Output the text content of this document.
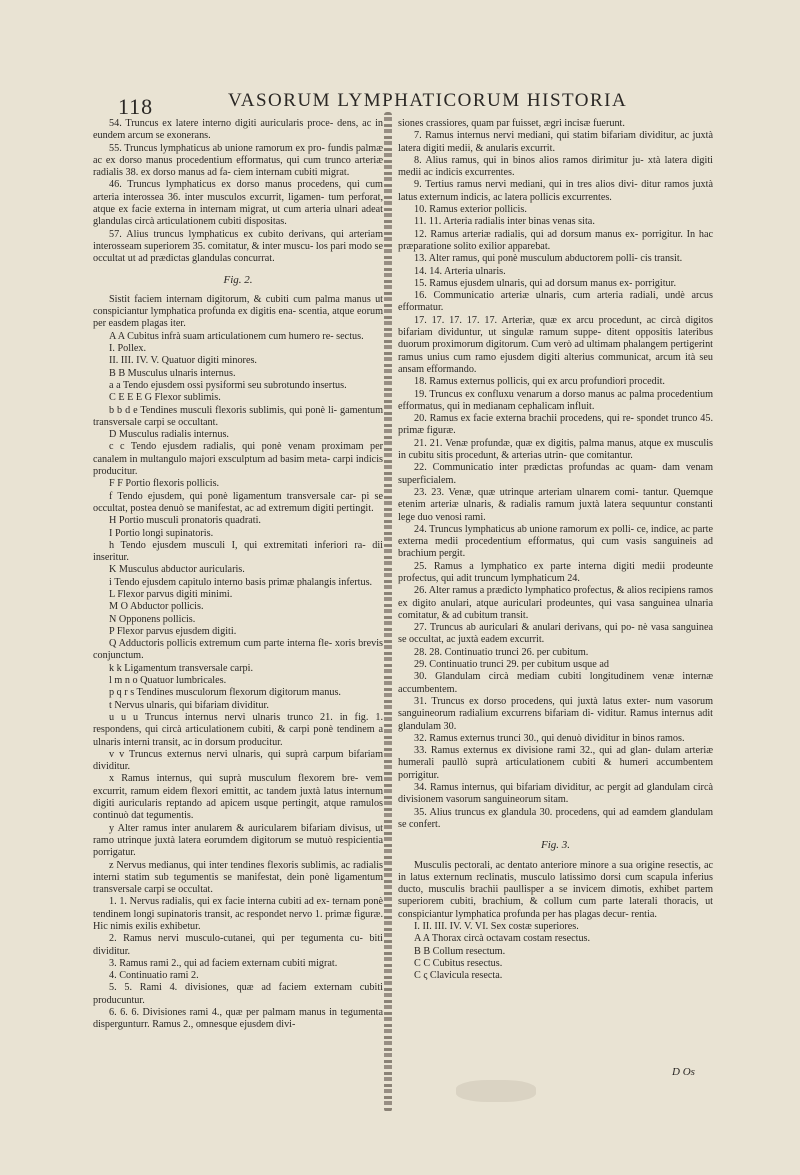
118	VASORUM LYMPHATICORUM HISTORIA

54. Truncus ex latere interno digiti auricularis proce- dens, ac in eundem arcum se exonerans.

55. Truncus lymphaticus ab unione ramorum ex pro- fundis palmæ ac ex dorso manus procedentium efformatus, qui cum trunco arteriæ radialis 38. ex dorso manus ad fa- ciem internam cubiti migrat.

46. Truncus lymphaticus ex dorso manus procedens, qui cum arteria interossea 36. inter musculos excurrit, ligamen- tum perforat, atque ex facie externa in internam migrat, ut cum arteria ulnari adeat glandulas circà articulationem cubiti dispositas.

57. Alius truncus lymphaticus ex cubito derivans, qui arteriam interosseam superiorem 35. comitatur, & inter muscu- los pari modo se occultat ut ad prædictas glandulas concurrat.

Fig. 2.

Sistit faciem internam digitorum, & cubiti cum palma manus ut conspiciantur lymphatica profunda ex digitis ena- scentia, atque eorum per easdem plagas iter.

A A Cubitus infrà suam articulationem cum humero re- sectus.

I. Pollex.

II. III. IV. V. Quatuor digiti minores.

B B Musculus ulnaris internus.

a a Tendo ejusdem ossi pysiformi seu subrotundo insertus.

C E E E G Flexor sublimis.

b b d e Tendines musculi flexoris sublimis, qui ponè li- gamentum transversale carpi se occultant.

D Musculus radialis internus.

c c Tendo ejusdem radialis, qui ponè venam proximam per canalem in multangulo majori exsculptum ad basim meta- carpi indicis producitur.

F F Portio flexoris pollicis.

f Tendo ejusdem, qui ponè ligamentum transversale car- pi se occultat, postea denuò se manifestat, ac ad extremum digiti pertingit.

H Portio musculi pronatoris quadrati.

I Portio longi supinatoris.

h Tendo ejusdem musculi I, qui extremitati inferiori ra- dii inseritur.

K Musculus abductor auricularis.

i Tendo ejusdem capitulo interno basis primæ phalangis infertus.

L Flexor parvus digiti minimi.

M O Abductor pollicis.

N Opponens pollicis.

P Flexor parvus ejusdem digiti.

Q Adductoris pollicis extremum cum parte interna fle- xoris brevis conjunctum.

k k Ligamentum transversale carpi.

l m n o Quatuor lumbricales.

p q r s Tendines musculorum flexorum digitorum manus.

t Nervus ulnaris, qui bifariam dividitur.

u u u Truncus internus nervi ulnaris trunco 21. in fig. 1. respondens, qui circà articulationem cubiti, & carpi ponè tendinem a ulnaris interni transit, ac in dorsum producitur.

v v Truncus externus nervi ulnaris, qui suprà carpum bifariam dividitur.

x Ramus internus, qui suprà musculum flexorem bre- vem excurrit, ramum eidem flexori emittit, ac tandem juxtà latus internum digiti auricularis reptando ad apicem usque pertingit, atque ramulos continuò dat tegumentis.

y Alter ramus inter anularem & auricularem bifariam divisus, ut ramo utrinque juxtà latera eorumdem digitorum se mutuò respicientia porrigatur.

z Nervus medianus, qui inter tendines flexoris sublimis, ac radialis interni statim sub tegumentis se manifestat, dein ponè ligamentum transversale carpi se occultat.

1. 1. Nervus radialis, qui ex facie interna cubiti ad ex- ternam ponè tendinem longi supinatoris transit, ac respondet nervo 1. primæ figuræ. Hic nimis exilis exhibetur.

2. Ramus nervi musculo-cutanei, qui per tegumenta cu- biti dividitur.

3. Ramus rami 2., qui ad faciem externam cubiti migrat.

4. Continuatio rami 2.

5. 5. Rami 4. divisiones, quæ ad faciem externam cubiti producuntur.

6. 6. 6. Divisiones rami 4., quæ per palmam manus in tegumenta dispergunturr. Ramus 2., omnesque ejusdem divi-

siones crassiores, quam par fuisset, ægri incisæ fuerunt.

7. Ramus internus nervi mediani, qui statim bifariam dividitur, ac juxtà latera digiti medii, & anularis excurrit.

8. Alius ramus, qui in binos alios ramos dirimitur ju- xtà latera digiti medii ac indicis excurrentes.

9. Tertius ramus nervi mediani, qui in tres alios divi- ditur ramos juxtà latus externum indicis, ac latera pollicis excurrentes.

10. Ramus exterior pollicis.

11. 11. Arteria radialis inter binas venas sita.

12. Ramus arteriæ radialis, qui ad dorsum manus ex- porrigitur. In hac præparatione solito exilior apparebat.

13. Alter ramus, qui ponè musculum abductorem polli- cis transit.

14. 14. Arteria ulnaris.

15. Ramus ejusdem ulnaris, qui ad dorsum manus ex- porrigitur.

16. Communicatio arteriæ ulnaris, cum arteria radiali, undè arcus efformatur.

17. 17. 17. 17. 17. Arteriæ, quæ ex arcu procedunt, ac circà digitos bifariam dividuntur, ut singulæ ramum suppe- ditent oppositis lateribus duorum proximorum digitorum. Cum verò ad ultimam phalangem pertigerint ramus unius cum ramo ejusdem digiti alterius communicat, arcum ità seu ansam efformando.

18. Ramus externus pollicis, qui ex arcu profundiori procedit.

19. Truncus ex confluxu venarum a dorso manus ac palma procedentium efformatus, qui in medianam cephalicam influit.

20. Ramus ex facie externa brachii procedens, qui re- spondet trunco 45. primæ figuræ.

21. 21. Venæ profundæ, quæ ex digitis, palma manus, atque ex musculis in cubitu sitis procedunt, & arterias utrin- que comitantur.

22. Communicatio inter prædictas profundas ac quam- dam venam superficialem.

23. 23. Venæ, quæ utrinque arteriam ulnarem comi- tantur. Quemque etenim arteriæ ulnaris, & radialis ramum juxtà latera sequuntur constanti lege duo venosi rami.

24. Truncus lymphaticus ab unione ramorum ex polli- ce, indice, ac parte externa medii procedentium efformatus, qui cum vasis sanguineis ad brachium pergit.

25. Ramus a lymphatico ex parte interna digiti medii prodeunte profectus, qui adit truncum lymphaticum 24.

26. Alter ramus a prædicto lymphatico profectus, & alios recipiens ramos ex digito anulari, atque auriculari prodeuntes, qui vasa sanguinea ulnaria comitatur, & ad cubitum transit.

27. Truncus ab auriculari & anulari derivans, qui po- nè vasa sanguinea se occultat, ac juxtà eadem excurrit.

28. 28. Continuatio trunci 26. per cubitum.

29. Continuatio trunci 29. per cubitum usque ad

30. Glandulam circà mediam cubiti longitudinem venæ internæ accumbentem.

31. Truncus ex dorso procedens, qui juxtà latus exter- num vasorum sanguineorum radialium excurrens bifariam di- viditur. Ramus internus adit glandulam 30.

32. Ramus externus trunci 30., qui denuò dividitur in binos ramos.

33. Ramus externus ex divisione rami 32., qui ad glan- dulam arteriæ humerali paullò suprà articulationem cubiti & humeri accumbentem porrigitur.

34. Ramus internus, qui bifariam dividitur, ac pergit ad glandulam circà divisionem vasorum sanguineorum sitam.

35. Alius truncus ex glandula 30. procedens, qui ad eamdem glandulam se confert.

Fig. 3.

Musculis pectorali, ac dentato anteriore minore a sua origine resectis, ac in latus externum reclinatis, musculo latissimo dorsi cum scapula inferius ducto, musculis brachii paullisper a se invicem dimotis, exhibet partem superiorem cubiti, brachium, & collum cum parte laterali thoracis, ut conspiciantur lymphatica profunda per has plagas decur- rentia.

I. II. III. IV. V. VI. Sex costæ superiores.

A A Thorax circà octavam costam resectus.

B B Collum resectum.

C C Cubitus resectus.

C ς Clavicula resecta.

D Os
